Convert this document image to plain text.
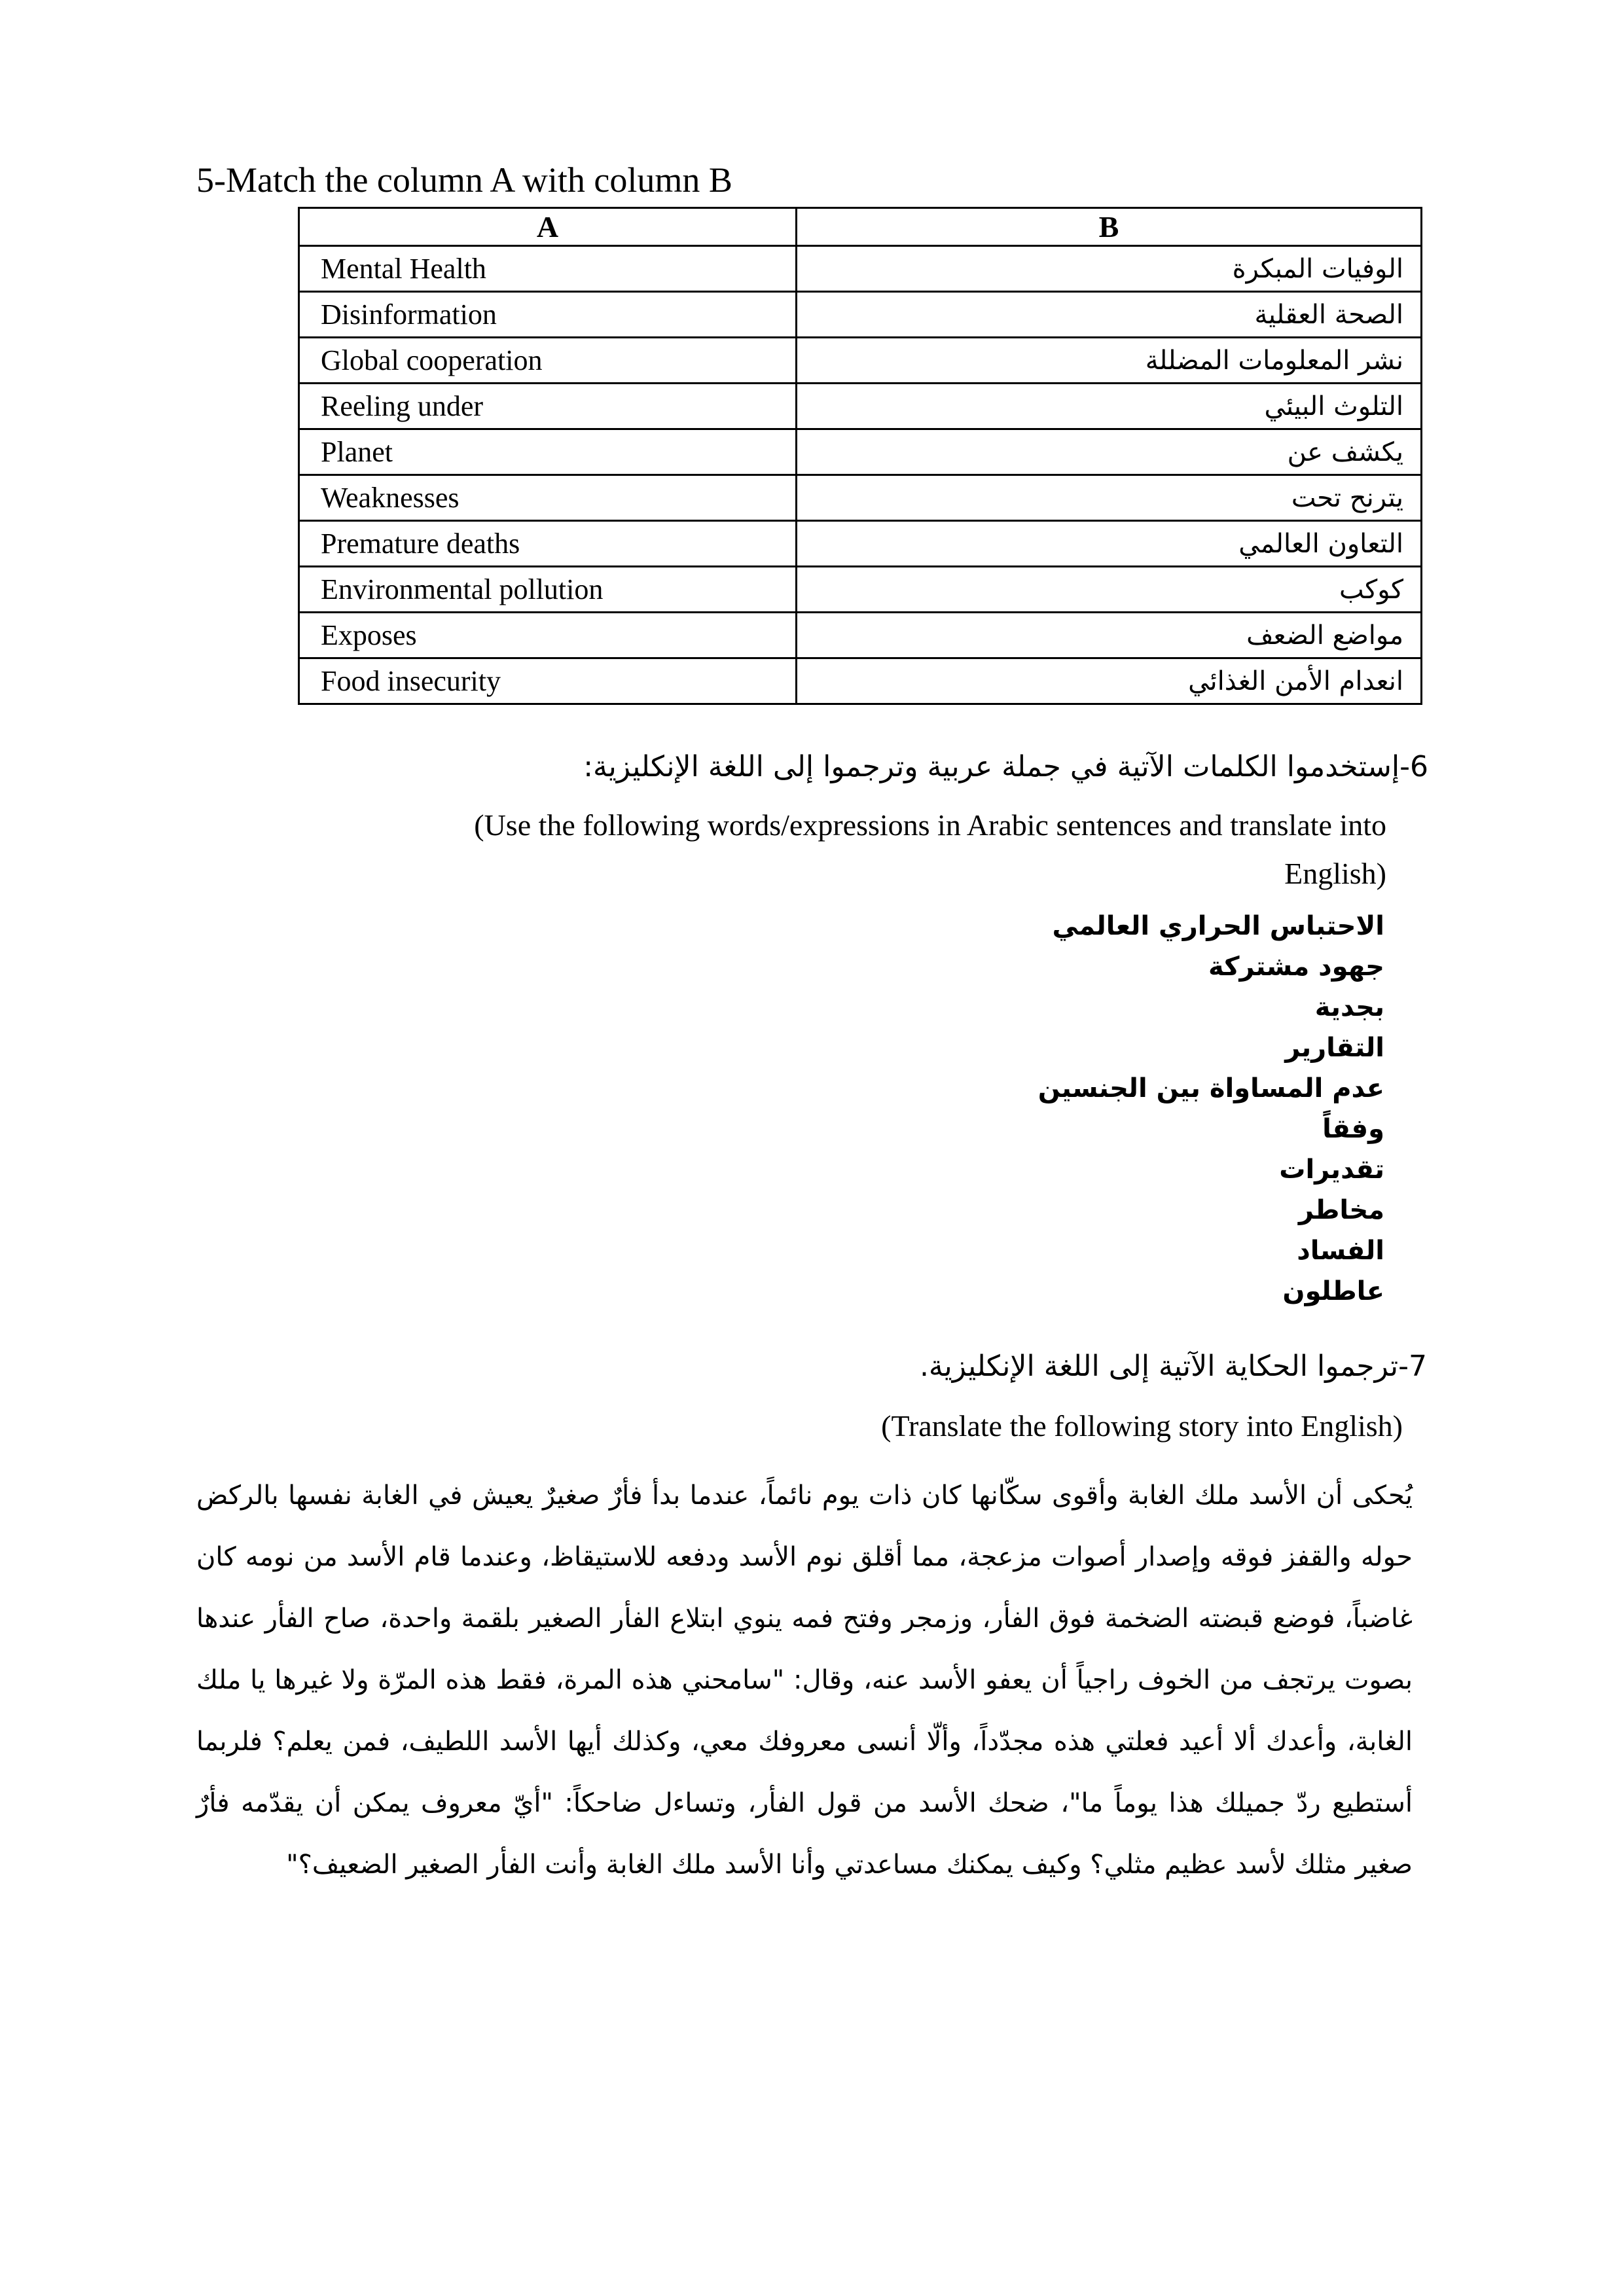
5-Match the column A with column B
A	B
Mental Health	الوفيات المبكرة
Disinformation	الصحة العقلية
Global cooperation	نشر المعلومات المضللة
Reeling under	التلوث البيئي
Planet	يكشف عن
Weaknesses	يترنح تحت
Premature deaths	التعاون العالمي
Environmental pollution	كوكب
Exposes	مواضع الضعف
Food insecurity	انعدام الأمن الغذائي
6-إستخدموا الكلمات الآتية في جملة عربية وترجموا إلى اللغة الإنكليزية:
(Use the following words/expressions in Arabic sentences and translate into
English)
الاحتباس الحراري العالمي
جهود مشتركة
بجدية
التقارير
عدم المساواة بين الجنسين
وفقاً
تقديرات
مخاطر
الفساد
عاطلون
7-ترجموا الحكاية الآتية إلى اللغة الإنكليزية.
(Translate the following story into English)
يُحكى أن الأسد ملك الغابة وأقوى سكّانها كان ذات يوم نائماً، عندما بدأ فأرٌ صغيرٌ يعيش في الغابة نفسها بالركض حوله والقفز فوقه وإصدار أصوات مزعجة، مما أقلق نوم الأسد ودفعه للاستيقاظ، وعندما قام الأسد من نومه كان غاضباً، فوضع قبضته الضخمة فوق الفأر، وزمجر وفتح فمه ينوي ابتلاع الفأر الصغير بلقمة واحدة، صاح الفأر عندها بصوت يرتجف من الخوف راجياً أن يعفو الأسد عنه، وقال: "سامحني هذه المرة، فقط هذه المرّة ولا غيرها يا ملك الغابة، وأعدك ألا أعيد فعلتي هذه مجدّداً، وألّا أنسى معروفك معي، وكذلك أيها الأسد اللطيف، فمن يعلم؟ فلربما أستطيع ردّ جميلك هذا يوماً ما"، ضحك الأسد من قول الفأر، وتساءل ضاحكاً: "أيّ معروف يمكن أن يقدّمه فأرٌ صغير مثلك لأسد عظيم مثلي؟ وكيف يمكنك مساعدتي وأنا الأسد ملك الغابة وأنت الفأر الصغير الضعيف؟"
